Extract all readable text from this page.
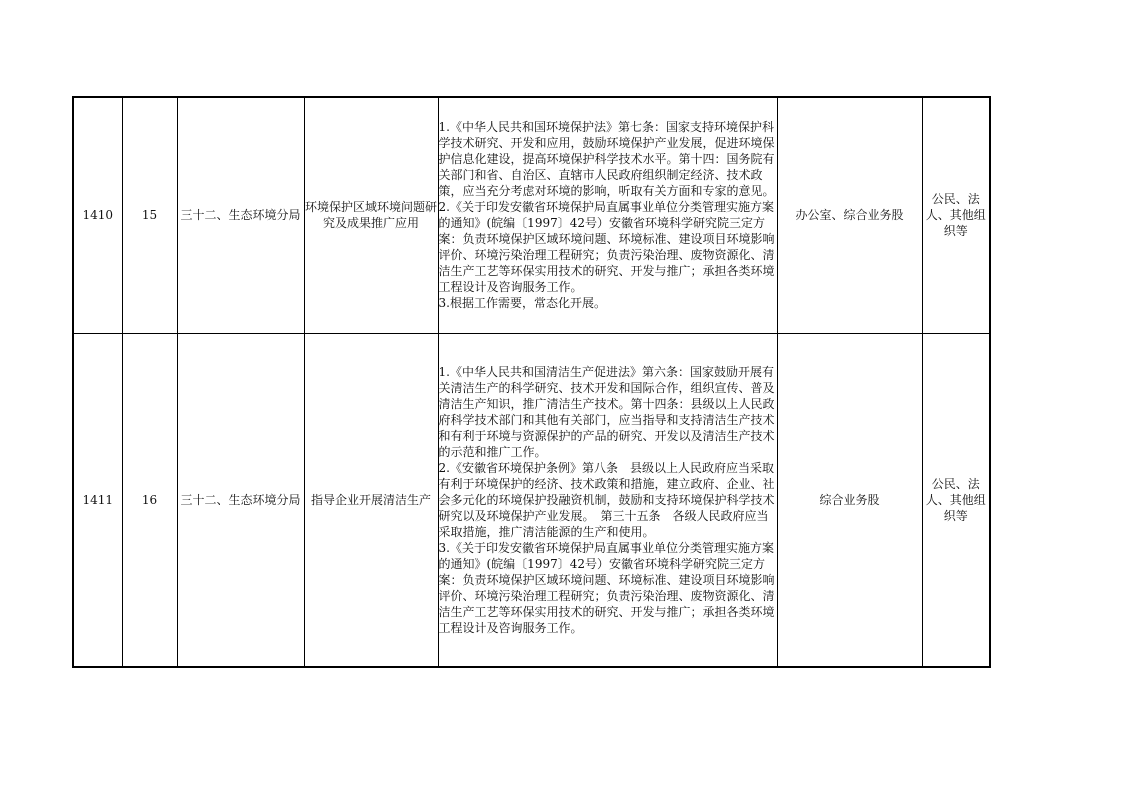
1410	15	三十二、生态环境分局	环境保护区域环境问题研究及成果推广应用	1.《中华人民共和国环境保护法》第七条：国家支持环境保护科学技术研究、开发和应用，鼓励环境保护产业发展，促进环境保护信息化建设，提高环境保护科学技术水平。第十四：国务院有关部门和省、自治区、直辖市人民政府组织制定经济、技术政策，应当充分考虑对环境的影响，听取有关方面和专家的意见。

2.《关于印发安徽省环境保护局直属事业单位分类管理实施方案的通知》(皖编〔1997〕42号）安徽省环境科学研究院三定方案：负责环境保护区域环境问题、环境标准、建设项目环境影响评价、环境污染治理工程研究；负责污染治理、废物资源化、清洁生产工艺等环保实用技术的研究、开发与推广；承担各类环境工程设计及咨询服务工作。

3.根据工作需要，常态化开展。	办公室、综合业务股	公民、法人、其他组织等
1411	16	三十二、生态环境分局	指导企业开展清洁生产	1.《中华人民共和国清洁生产促进法》第六条：国家鼓励开展有关清洁生产的科学研究、技术开发和国际合作，组织宣传、普及清洁生产知识，推广清洁生产技术。第十四条：县级以上人民政府科学技术部门和其他有关部门，应当指导和支持清洁生产技术和有利于环境与资源保护的产品的研究、开发以及清洁生产技术的示范和推广工作。

2.《安徽省环境保护条例》第八条　县级以上人民政府应当采取有利于环境保护的经济、技术政策和措施，建立政府、企业、社会多元化的环境保护投融资机制，鼓励和支持环境保护科学技术研究以及环境保护产业发展。　第三十五条　各级人民政府应当采取措施，推广清洁能源的生产和使用。

3.《关于印发安徽省环境保护局直属事业单位分类管理实施方案的通知》(皖编〔1997〕42号）安徽省环境科学研究院三定方案：负责环境保护区域环境问题、环境标准、建设项目环境影响评价、环境污染治理工程研究；负责污染治理、废物资源化、清洁生产工艺等环保实用技术的研究、开发与推广；承担各类环境工程设计及咨询服务工作。	综合业务股	公民、法人、其他组织等
